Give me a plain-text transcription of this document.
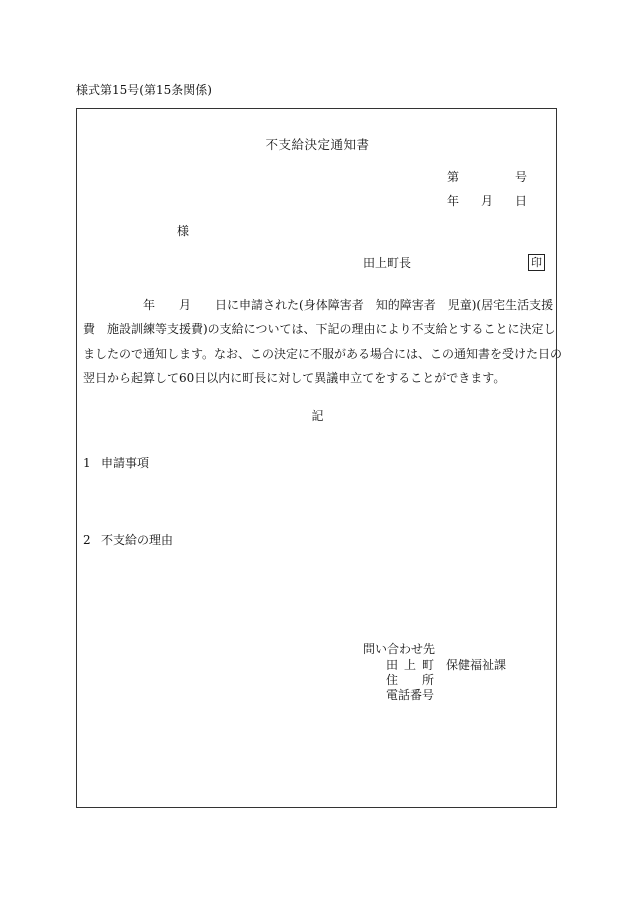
様式第15号(第15条関係)
不支給決定通知書
第	号
年 月 日
様
田上町長	印
年 月 日に申請された(身体障害者　知的障害者　児童)(居宅生活支援
費　施設訓練等支援費)の支給については、下記の理由により不支給とすることに決定し
ましたので通知します。なお、この決定に不服がある場合には、この通知書を受けた日の
翌日から起算して60日以内に町長に対して異議申立てをすることができます。
記
1 申請事項
2 不支給の理由
問い合わせ先
田 上 町 保健福祉課
住 所
電話番号
